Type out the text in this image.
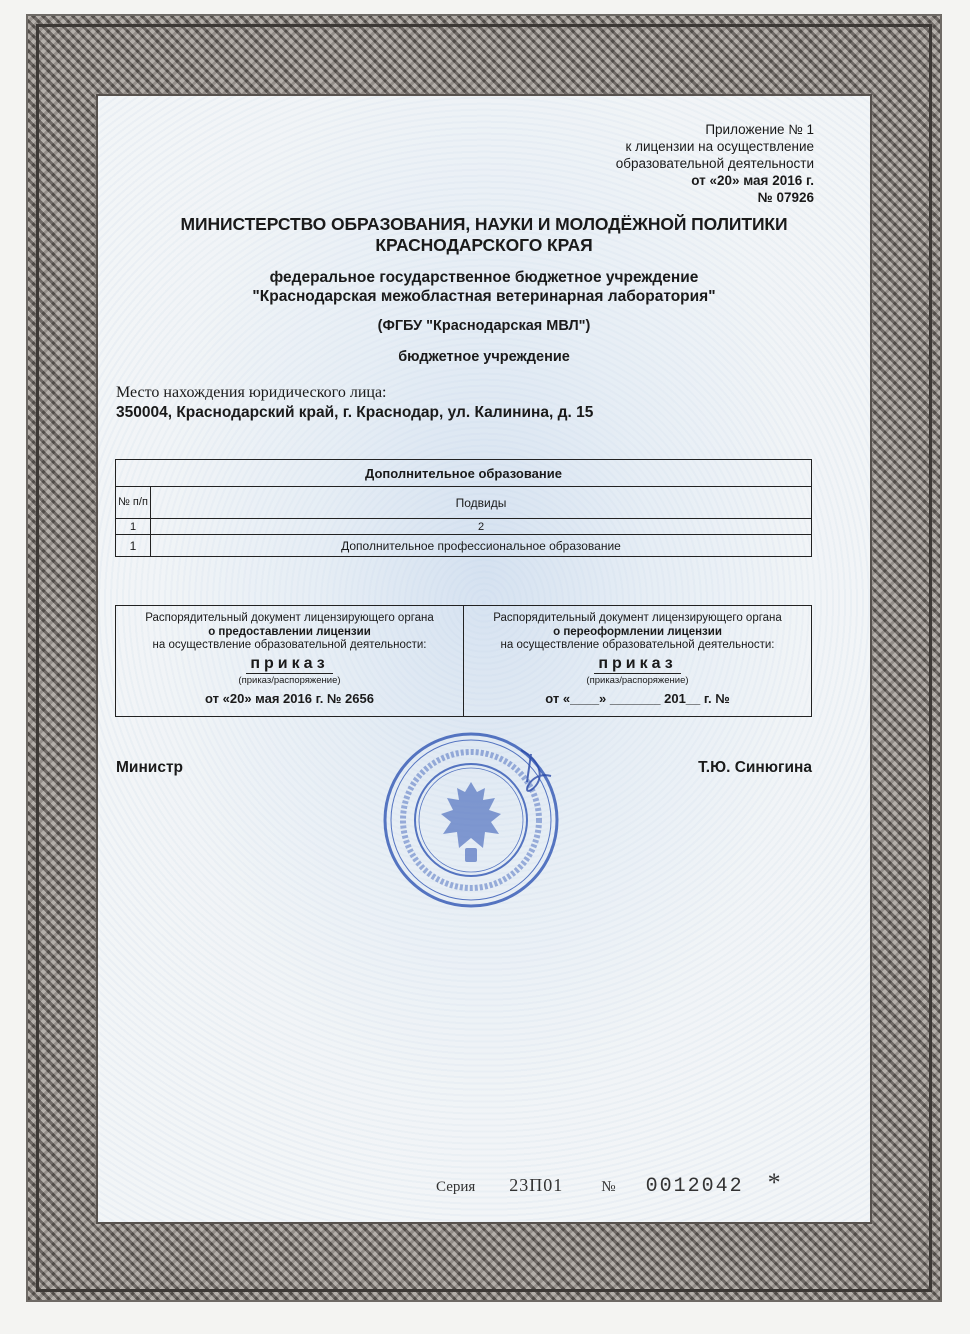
Приложение № 1
к лицензии на осуществление
образовательной деятельности
от «20» мая 2016 г.
№ 07926
МИНИСТЕРСТВО ОБРАЗОВАНИЯ, НАУКИ И МОЛОДЁЖНОЙ ПОЛИТИКИ
КРАСНОДАРСКОГО КРАЯ
федеральное государственное бюджетное учреждение
"Краснодарская межобластная ветеринарная лаборатория"
(ФГБУ "Краснодарская МВЛ")
бюджетное учреждение
Место нахождения юридического лица:
350004, Краснодарский край, г. Краснодар, ул. Калинина, д. 15
Дополнительное образование	
№ п/п	Подвиды
1	2
1	Дополнительное профессиональное образование
Распорядительный документ лицензирующего органа
о предоставлении лицензии
на осуществление образовательной деятельности:
приказ
(приказ/распоряжение)
от «20» мая 2016 г. № 2656
Распорядительный документ лицензирующего органа
о переоформлении лицензии
на осуществление образовательной деятельности:
приказ
(приказ/распоряжение)
от «____» _______ 201__ г. №
Министр	Т.Ю. Синюгина
Серия 23П01	№ 0012042 *
